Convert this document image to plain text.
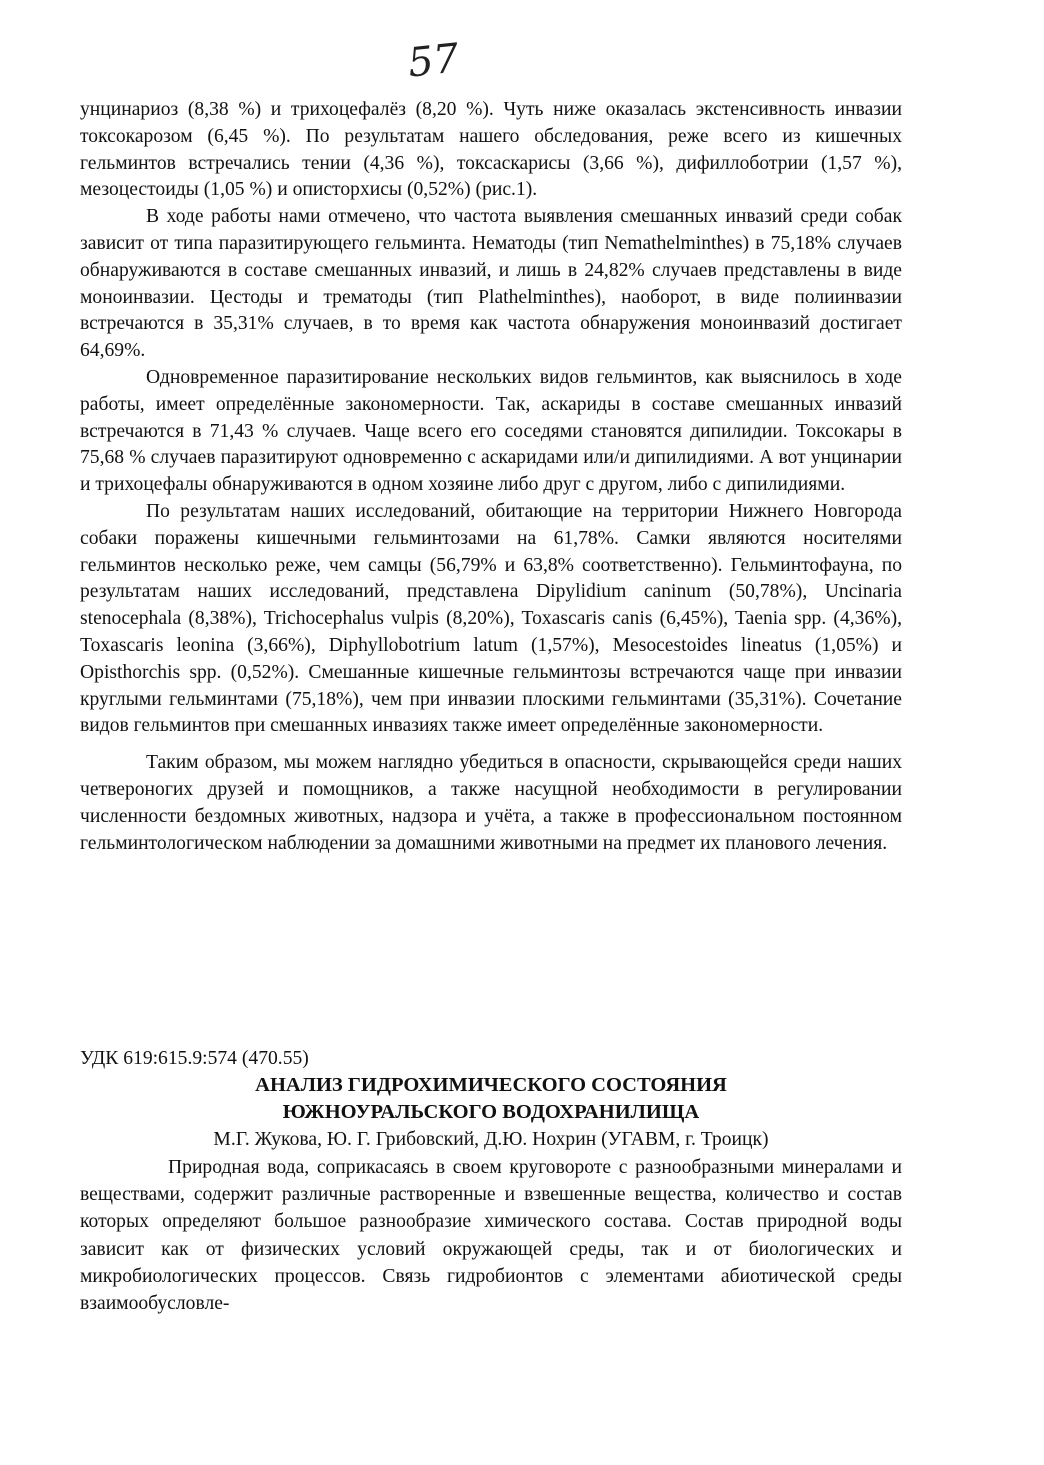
57

унцинариоз (8,38 %) и трихоцефалёз (8,20 %). Чуть ниже оказалась экстенсивность инвазии токсокарозом (6,45 %). По результатам нашего обследования, реже всего из кишечных гельминтов встречались тении (4,36 %), токсаскарисы (3,66 %), дифиллоботрии (1,57 %), мезоцестоиды (1,05 %) и описторхисы (0,52%) (рис.1).

В ходе работы нами отмечено, что частота выявления смешанных инвазий среди собак зависит от типа паразитирующего гельминта. Нематоды (тип Nemathelminthes) в 75,18% случаев обнаруживаются в составе смешанных инвазий, и лишь в 24,82% случаев представлены в виде моноинвазии. Цестоды и трематоды (тип Plathelminthes), наоборот, в виде полиинвазии встречаются в 35,31% случаев, в то время как частота обнаружения моноинвазий достигает 64,69%.

Одновременное паразитирование нескольких видов гельминтов, как выяснилось в ходе работы, имеет определённые закономерности. Так, аскариды в составе смешанных инвазий встречаются в 71,43 % случаев. Чаще всего его соседями становятся дипилидии. Токсокары в 75,68 % случаев паразитируют одновременно с аскаридами или/и дипилидиями. А вот унцинарии и трихоцефалы обнаруживаются в одном хозяине либо друг с другом, либо с дипилидиями.

По результатам наших исследований, обитающие на территории Нижнего Новгорода собаки поражены кишечными гельминтозами на 61,78%. Самки являются носителями гельминтов несколько реже, чем самцы (56,79% и 63,8% соответственно). Гельминтофауна, по результатам наших исследований, представлена Dipylidium caninum (50,78%), Uncinaria stenocephala (8,38%), Trichocephalus vulpis (8,20%), Toxascaris canis (6,45%), Taenia spp. (4,36%), Toxascaris leonina (3,66%), Diphyllobotrium latum (1,57%), Mesocestoides lineatus (1,05%) и Opisthorchis spp. (0,52%). Смешанные кишечные гельминтозы встречаются чаще при инвазии круглыми гельминтами (75,18%), чем при инвазии плоскими гельминтами (35,31%). Сочетание видов гельминтов при смешанных инвазиях также имеет определённые закономерности.

Таким образом, мы можем наглядно убедиться в опасности, скрывающейся среди наших четвероногих друзей и помощников, а также насущной необходимости в регулировании численности бездомных животных, надзора и учёта, а также в профессиональном постоянном гельминтологическом наблюдении за домашними животными на предмет их планового лечения.

УДК 619:615.9:574 (470.55)

АНАЛИЗ ГИДРОХИМИЧЕСКОГО СОСТОЯНИЯ
ЮЖНОУРАЛЬСКОГО ВОДОХРАНИЛИЩА

М.Г. Жукова, Ю. Г. Грибовский, Д.Ю. Нохрин (УГАВМ, г. Троицк)

Природная вода, соприкасаясь в своем круговороте с разнообразными минералами и веществами, содержит различные растворенные и взвешенные вещества, количество и состав которых определяют большое разнообразие химического состава. Состав природной воды зависит как от физических условий окружающей среды, так и от биологических и микробиологических процессов. Связь гидробионтов с элементами абиотической среды взаимообусловле-
